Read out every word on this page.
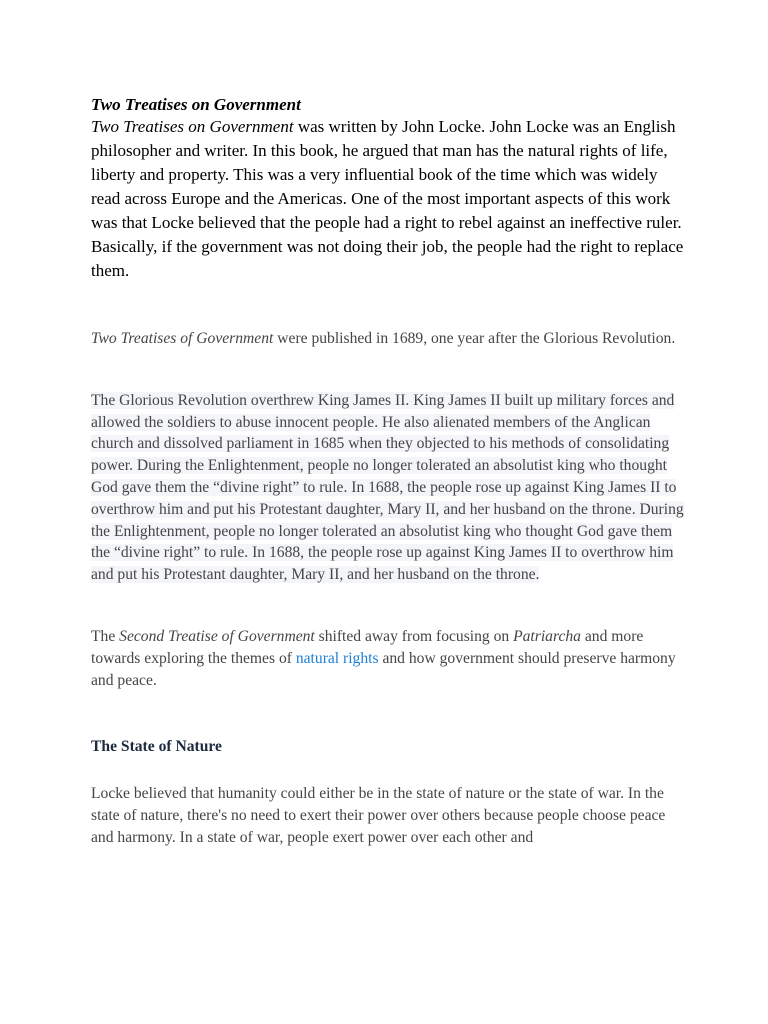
Two Treatises on Government

Two Treatises on Government was written by John Locke. John Locke was an English philosopher and writer. In this book, he argued that man has the natural rights of life, liberty and property. This was a very influential book of the time which was widely read across Europe and the Americas. One of the most important aspects of this work was that Locke believed that the people had a right to rebel against an ineffective ruler. Basically, if the government was not doing their job, the people had the right to replace them.

Two Treatises of Government were published in 1689, one year after the Glorious Revolution.

The Glorious Revolution overthrew King James II. King James II built up military forces and allowed the soldiers to abuse innocent people. He also alienated members of the Anglican church and dissolved parliament in 1685 when they objected to his methods of consolidating power. During the Enlightenment, people no longer tolerated an absolutist king who thought God gave them the “divine right” to rule. In 1688, the people rose up against King James II to overthrow him and put his Protestant daughter, Mary II, and her husband on the throne. During the Enlightenment, people no longer tolerated an absolutist king who thought God gave them the “divine right” to rule. In 1688, the people rose up against King James II to overthrow him and put his Protestant daughter, Mary II, and her husband on the throne.

The Second Treatise of Government shifted away from focusing on Patriarcha and more towards exploring the themes of natural rights and how government should preserve harmony and peace.

The State of Nature

Locke believed that humanity could either be in the state of nature or the state of war. In the state of nature, there's no need to exert their power over others because people choose peace and harmony. In a state of war, people exert power over each other and
